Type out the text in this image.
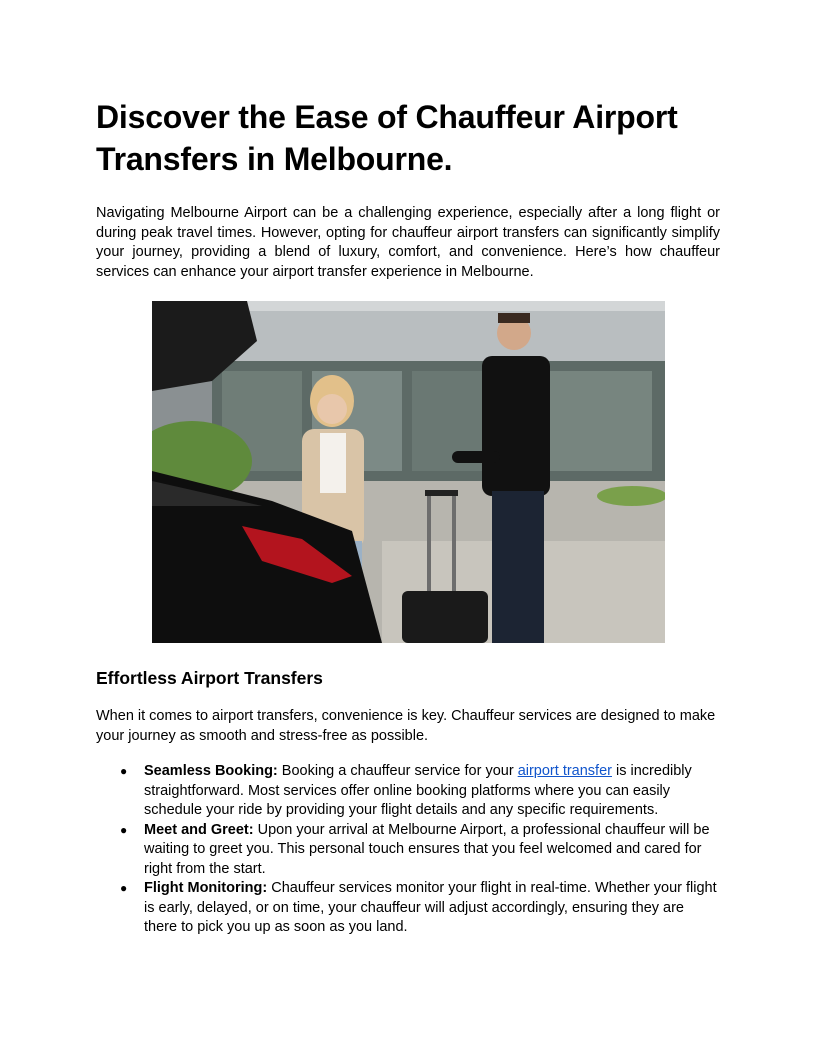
Discover the Ease of Chauffeur Airport Transfers in Melbourne.

Navigating Melbourne Airport can be a challenging experience, especially after a long flight or during peak travel times. However, opting for chauffeur airport transfers can significantly simplify your journey, providing a blend of luxury, comfort, and convenience. Here’s how chauffeur services can enhance your airport transfer experience in Melbourne.

Effortless Airport Transfers

When it comes to airport transfers, convenience is key. Chauffeur services are designed to make your journey as smooth and stress-free as possible.

● Seamless Booking: Booking a chauffeur service for your airport transfer is incredibly straightforward. Most services offer online booking platforms where you can easily schedule your ride by providing your flight details and any specific requirements.
● Meet and Greet: Upon your arrival at Melbourne Airport, a professional chauffeur will be waiting to greet you. This personal touch ensures that you feel welcomed and cared for right from the start.
● Flight Monitoring: Chauffeur services monitor your flight in real-time. Whether your flight is early, delayed, or on time, your chauffeur will adjust accordingly, ensuring they are there to pick you up as soon as you land.
